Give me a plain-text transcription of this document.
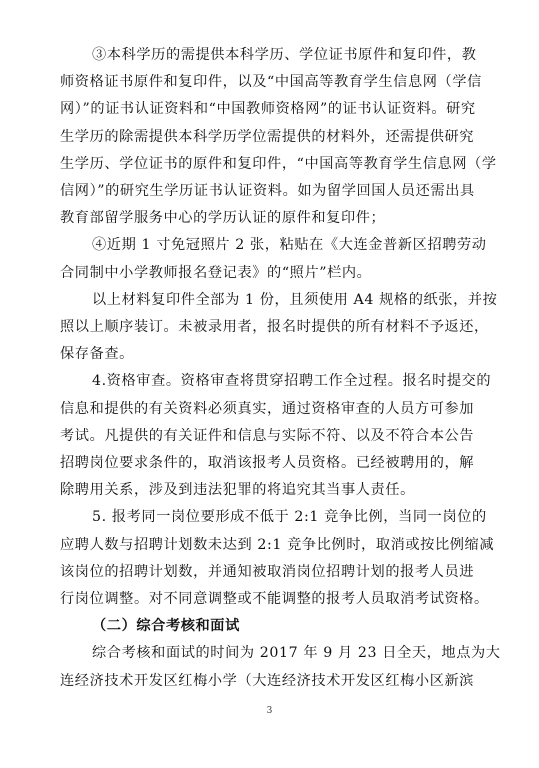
③本科学历的需提供本科学历、学位证书原件和复印件，教
师资格证书原件和复印件，以及“中国高等教育学生信息网（学信
网）”的证书认证资料和“中国教师资格网”的证书认证资料。研究
生学历的除需提供本科学历学位需提供的材料外，还需提供研究
生学历、学位证书的原件和复印件，“中国高等教育学生信息网（学
信网）”的研究生学历证书认证资料。如为留学回国人员还需出具
教育部留学服务中心的学历认证的原件和复印件；
④近期 1 寸免冠照片 2 张，粘贴在《大连金普新区招聘劳动
合同制中小学教师报名登记表》的“照片”栏内。
以上材料复印件全部为 1 份，且须使用 A4 规格的纸张，并按
照以上顺序装订。未被录用者，报名时提供的所有材料不予返还，
保存备查。
4.资格审查。资格审查将贯穿招聘工作全过程。报名时提交的
信息和提供的有关资料必须真实，通过资格审查的人员方可参加
考试。凡提供的有关证件和信息与实际不符、以及不符合本公告
招聘岗位要求条件的，取消该报考人员资格。已经被聘用的，解
除聘用关系，涉及到违法犯罪的将追究其当事人责任。
5. 报考同一岗位要形成不低于 2:1 竞争比例，当同一岗位的
应聘人数与招聘计划数未达到 2:1 竞争比例时，取消或按比例缩减
该岗位的招聘计划数，并通知被取消岗位招聘计划的报考人员进
行岗位调整。对不同意调整或不能调整的报考人员取消考试资格。
（二）综合考核和面试
综合考核和面试的时间为 2017 年 9 月 23 日全天，地点为大
连经济技术开发区红梅小学（大连经济技术开发区红梅小区新滨
3
